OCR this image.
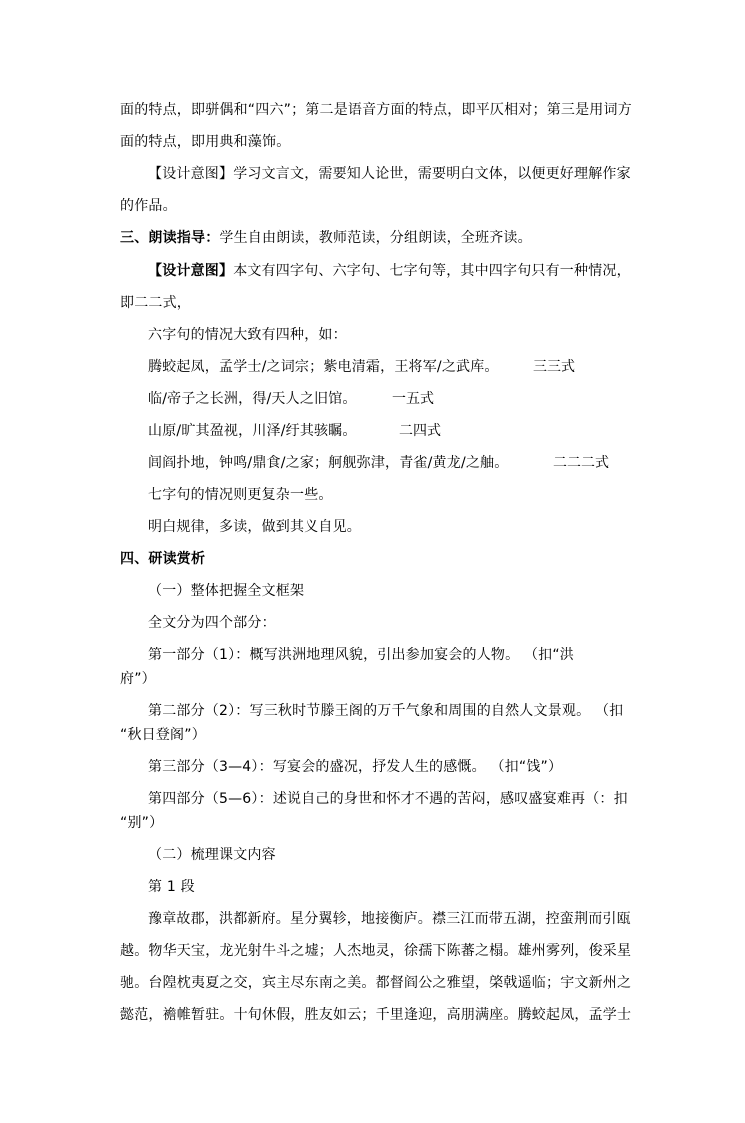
面的特点，即骈偶和“四六”；第二是语音方面的特点，即平仄相对；第三是用词方
面的特点，即用典和藻饰。
【设计意图】学习文言文，需要知人论世，需要明白文体，以便更好理解作家
的作品。
三、朗读指导：学生自由朗读，教师范读，分组朗读，全班齐读。
【设计意图】本文有四字句、六字句、七字句等，其中四字句只有一种情况，
即二二式，
六字句的情况大致有四种，如：
腾蛟起凤，孟学士/之词宗；紫电清霜，王将军/之武库。 三三式
临/帝子之长洲，得/天人之旧馆。	一五式
山原/旷其盈视，川泽/纡其骇瞩。	二四式
闾阎扑地，钟鸣/鼎食/之家；舸舰弥津，青雀/黄龙/之舳。	二二二式
七字句的情况则更复杂一些。
明白规律，多读，做到其义自见。
四、研读赏析
（一）整体把握全文框架
全文分为四个部分：
第一部分（1）：概写洪洲地理风貌，引出参加宴会的人物。 （扣“洪
府”）
第二部分（2）：写三秋时节滕王阁的万千气象和周围的自然人文景观。 （扣
“秋日登阁”）
第三部分（3—4）：写宴会的盛况，抒发人生的感慨。 （扣“饯”）
第四部分（5—6）：述说自己的身世和怀才不遇的苦闷，感叹盛宴难再（：扣
“别”）
（二）梳理课文内容
第 1 段
豫章故郡，洪都新府。星分翼轸，地接衡庐。襟三江而带五湖，控蛮荆而引瓯
越。物华天宝，龙光射牛斗之墟；人杰地灵，徐孺下陈蕃之榻。雄州雾列，俊采星
驰。台隍枕夷夏之交，宾主尽东南之美。都督阎公之雅望，棨戟遥临；宇文新州之
懿范，襜帷暂驻。十旬休假，胜友如云；千里逢迎，高朋满座。腾蛟起凤，孟学士
